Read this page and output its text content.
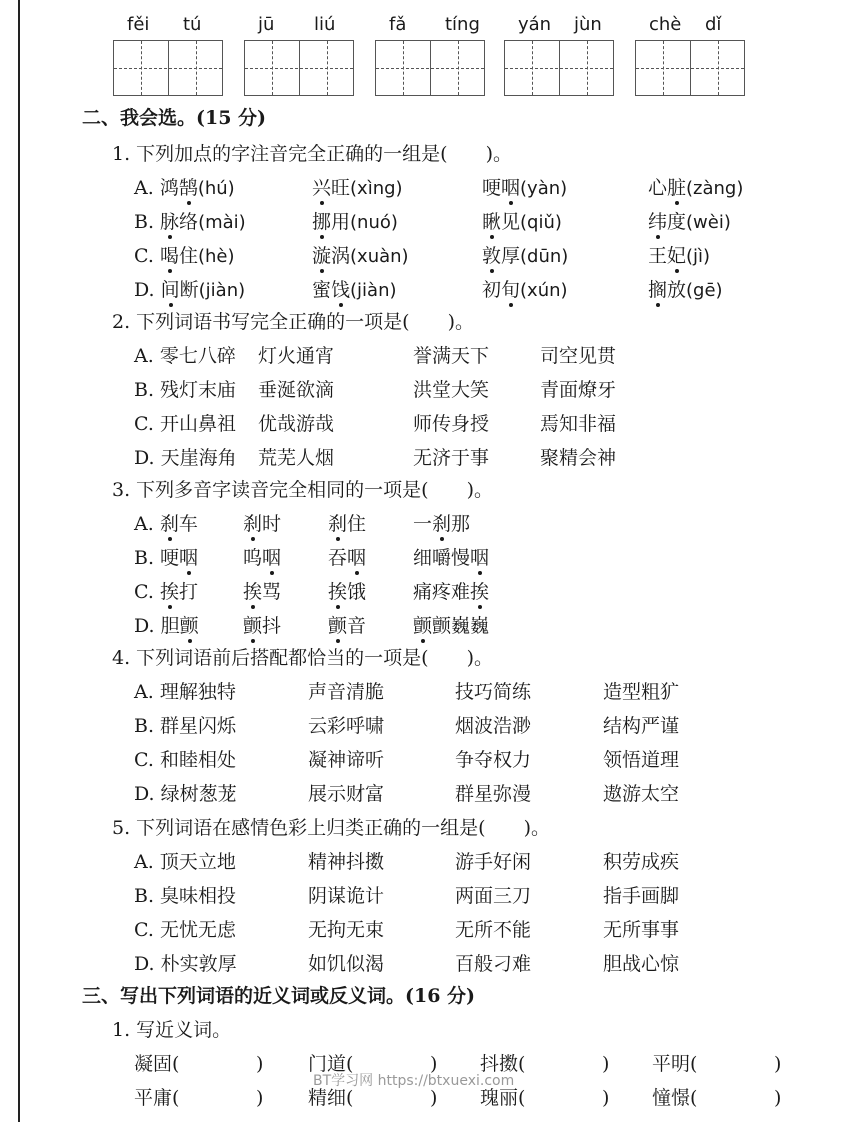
fěi tú	jū liú	fǎ tíng yán jùn	chè dǐ
二、我会选。(15 分)
1. 下列加点的字注音完全正确的一组是(　　)。
A. 鸿鹄(hú)	兴旺(xìng)	哽咽(yàn)	心脏(zàng)
B. 脉络(mài)	挪用(nuó)	瞅见(qiǔ)	纬度(wèi)
C. 喝住(hè)	漩涡(xuàn)	敦厚(dūn)	王妃(jì)
D. 间断(jiàn)	蜜饯(jiàn)	初旬(xún)	搁放(gē)
2. 下列词语书写完全正确的一项是(　　)。
A. 零七八碎 灯火通宵	誉满天下	司空见贯
B. 残灯末庙 垂涎欲滴	洪堂大笑	青面燎牙
C. 开山鼻祖 优哉游哉	师传身授	焉知非福
D. 天崖海角 荒芜人烟	无济于事	聚精会神
3. 下列多音字读音完全相同的一项是(　　)。
A. 刹车 刹时 刹住 一刹那
B. 哽咽 呜咽 吞咽 细嚼慢咽
C. 挨打 挨骂 挨饿 痛疼难挨
D. 胆颤 颤抖 颤音 颤颤巍巍
4. 下列词语前后搭配都恰当的一项是(　　)。
A. 理解独特	声音清脆	技巧简练	造型粗犷
B. 群星闪烁	云彩呼啸	烟波浩渺	结构严谨
C. 和睦相处	凝神谛听	争夺权力	领悟道理
D. 绿树葱茏	展示财富	群星弥漫	遨游太空
5. 下列词语在感情色彩上归类正确的一组是(　　)。
A. 顶天立地	精神抖擞	游手好闲	积劳成疾
B. 臭味相投	阴谋诡计	两面三刀	指手画脚
C. 无忧无虑	无拘无束	无所不能	无所事事
D. 朴实敦厚	如饥似渴	百般刁难	胆战心惊
三、写出下列词语的近义词或反义词。(16 分)
1. 写近义词。
凝固(	) 门道(	) 抖擞(	) 平明(	)
平庸(	) 精细(	) 瑰丽(	) 憧憬(	)
BT学习网 https://btxuexi.com
